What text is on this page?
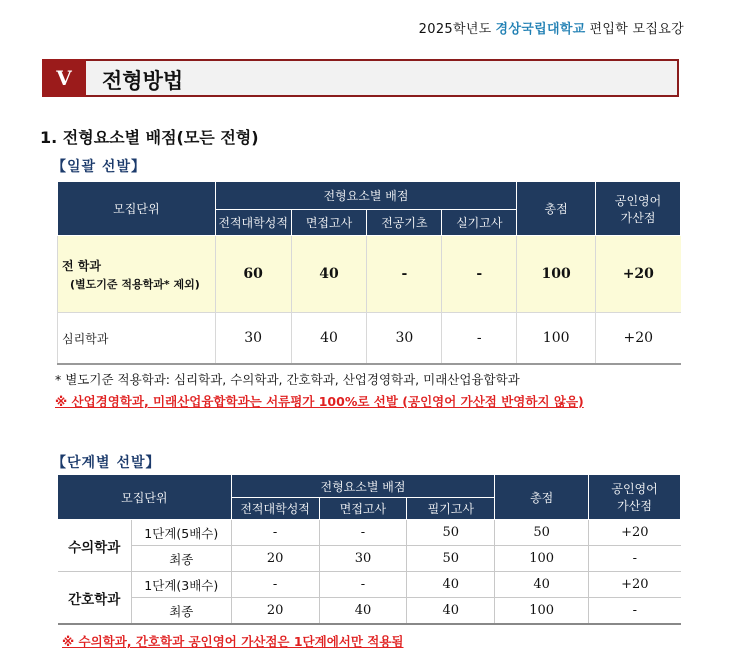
2025학년도 경상국립대학교 편입학 모집요강
V	전형방법
1. 전형요소별 배점(모든 전형)
【일괄 선발】
모집단위	전형요소별 배점				총점	공인영어
가산점
	전적대학성적	면접고사	전공기초	실기고사		
전 학과
(별도기준 적용학과* 제외)	60	40	-	-	100	+20
심리학과	30	40	30	-	100	+20
* 별도기준 적용학과: 심리학과, 수의학과, 간호학과, 산업경영학과, 미래산업융합학과
※ 산업경영학과, 미래산업융합학과는 서류평가 100%로 선발 (공인영어 가산점 반영하지 않음)
【단계별 선발】
모집단위		전형요소별 배점			총점	공인영어
가산점
		전적대학성적	면접고사	필기고사		
수의학과	1단계(5배수)	-	-	50	50	+20
	최종	20	30	50	100	-
간호학과	1단계(3배수)	-	-	40	40	+20
	최종	20	40	40	100	-
※ 수의학과, 간호학과 공인영어 가산점은 1단계에서만 적용됨
